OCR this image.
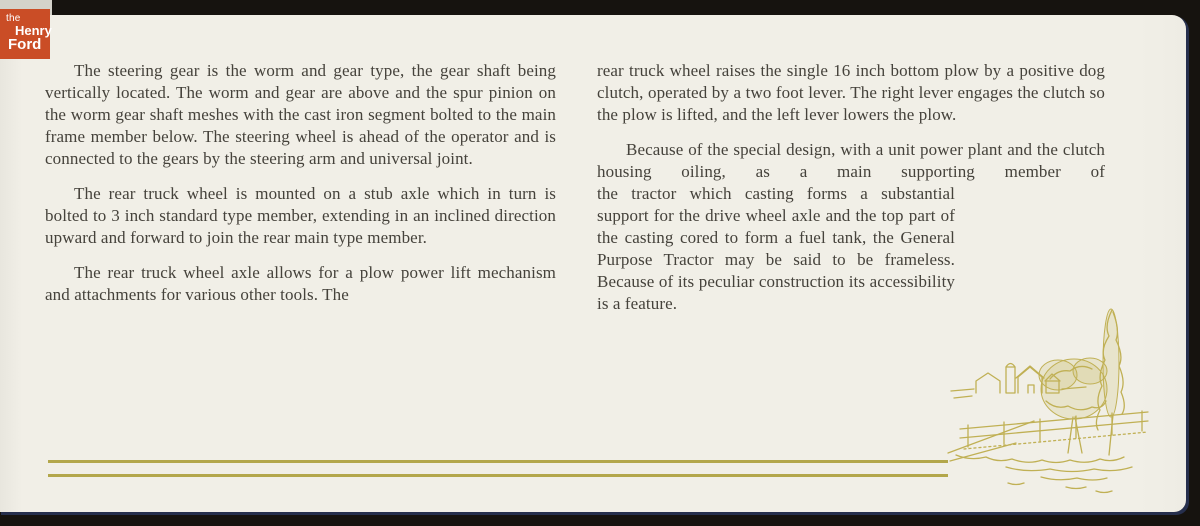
The steering gear is the worm and gear type, the gear shaft being vertically located. The worm and gear are above and the spur pinion on the worm gear shaft meshes with the cast iron segment bolted to the main frame member below. The steering wheel is ahead of the operator and is connected to the gears by the steering arm and universal joint.

The rear truck wheel is mounted on a stub axle which in turn is bolted to 3 inch standard type member, extending in an inclined direction upward and forward to join the rear main type member.

The rear truck wheel axle allows for a plow power lift mechanism and attachments for various other tools. The

rear truck wheel raises the single 16 inch bottom plow by a positive dog clutch, operated by a two foot lever. The right lever engages the clutch so the plow is lifted, and the left lever lowers the plow.

Because of the special design, with a unit power plant and the clutch housing oiling, as a main supporting member of

the tractor which casting forms a substantial support for the drive wheel axle and the top part of the casting cored to form a fuel tank, the General Purpose Tractor may be said to be frameless. Because of its peculiar construction its accessibility is a feature.

the
Henry
Ford
